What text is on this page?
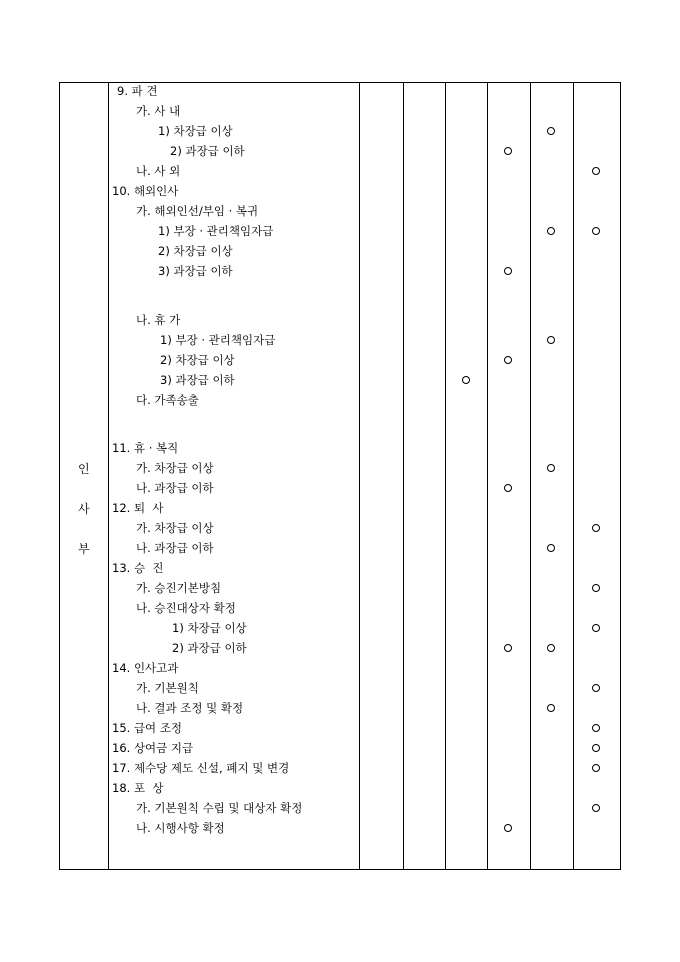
인
사
부
9. 파 견
가. 사 내
1) 차장급 이상
2) 과장급 이하
나. 사 외
10. 해외인사
가. 해외인선/부임 · 복귀
1) 부장 · 관리책임자급
2) 차장급 이상
3) 과장급 이하
나. 휴 가
1) 부장 · 관리책임자급
2) 차장급 이상
3) 과장급 이하
다. 가족송출
11. 휴 · 복직
가. 차장급 이상
나. 과장급 이하
12. 퇴  사
가. 차장급 이상
나. 과장급 이하
13. 승  진
가. 승진기본방침
나. 승진대상자 확정
1) 차장급 이상
2) 과장급 이하
14. 인사고과
가. 기본원칙
나. 결과 조정 및 확정
15. 급여 조정
16. 상여금 지급
17. 제수당 제도 신설, 폐지 및 변경
18. 포  상
가. 기본원칙 수립 및 대상자 확정
나. 시행사항 확정
